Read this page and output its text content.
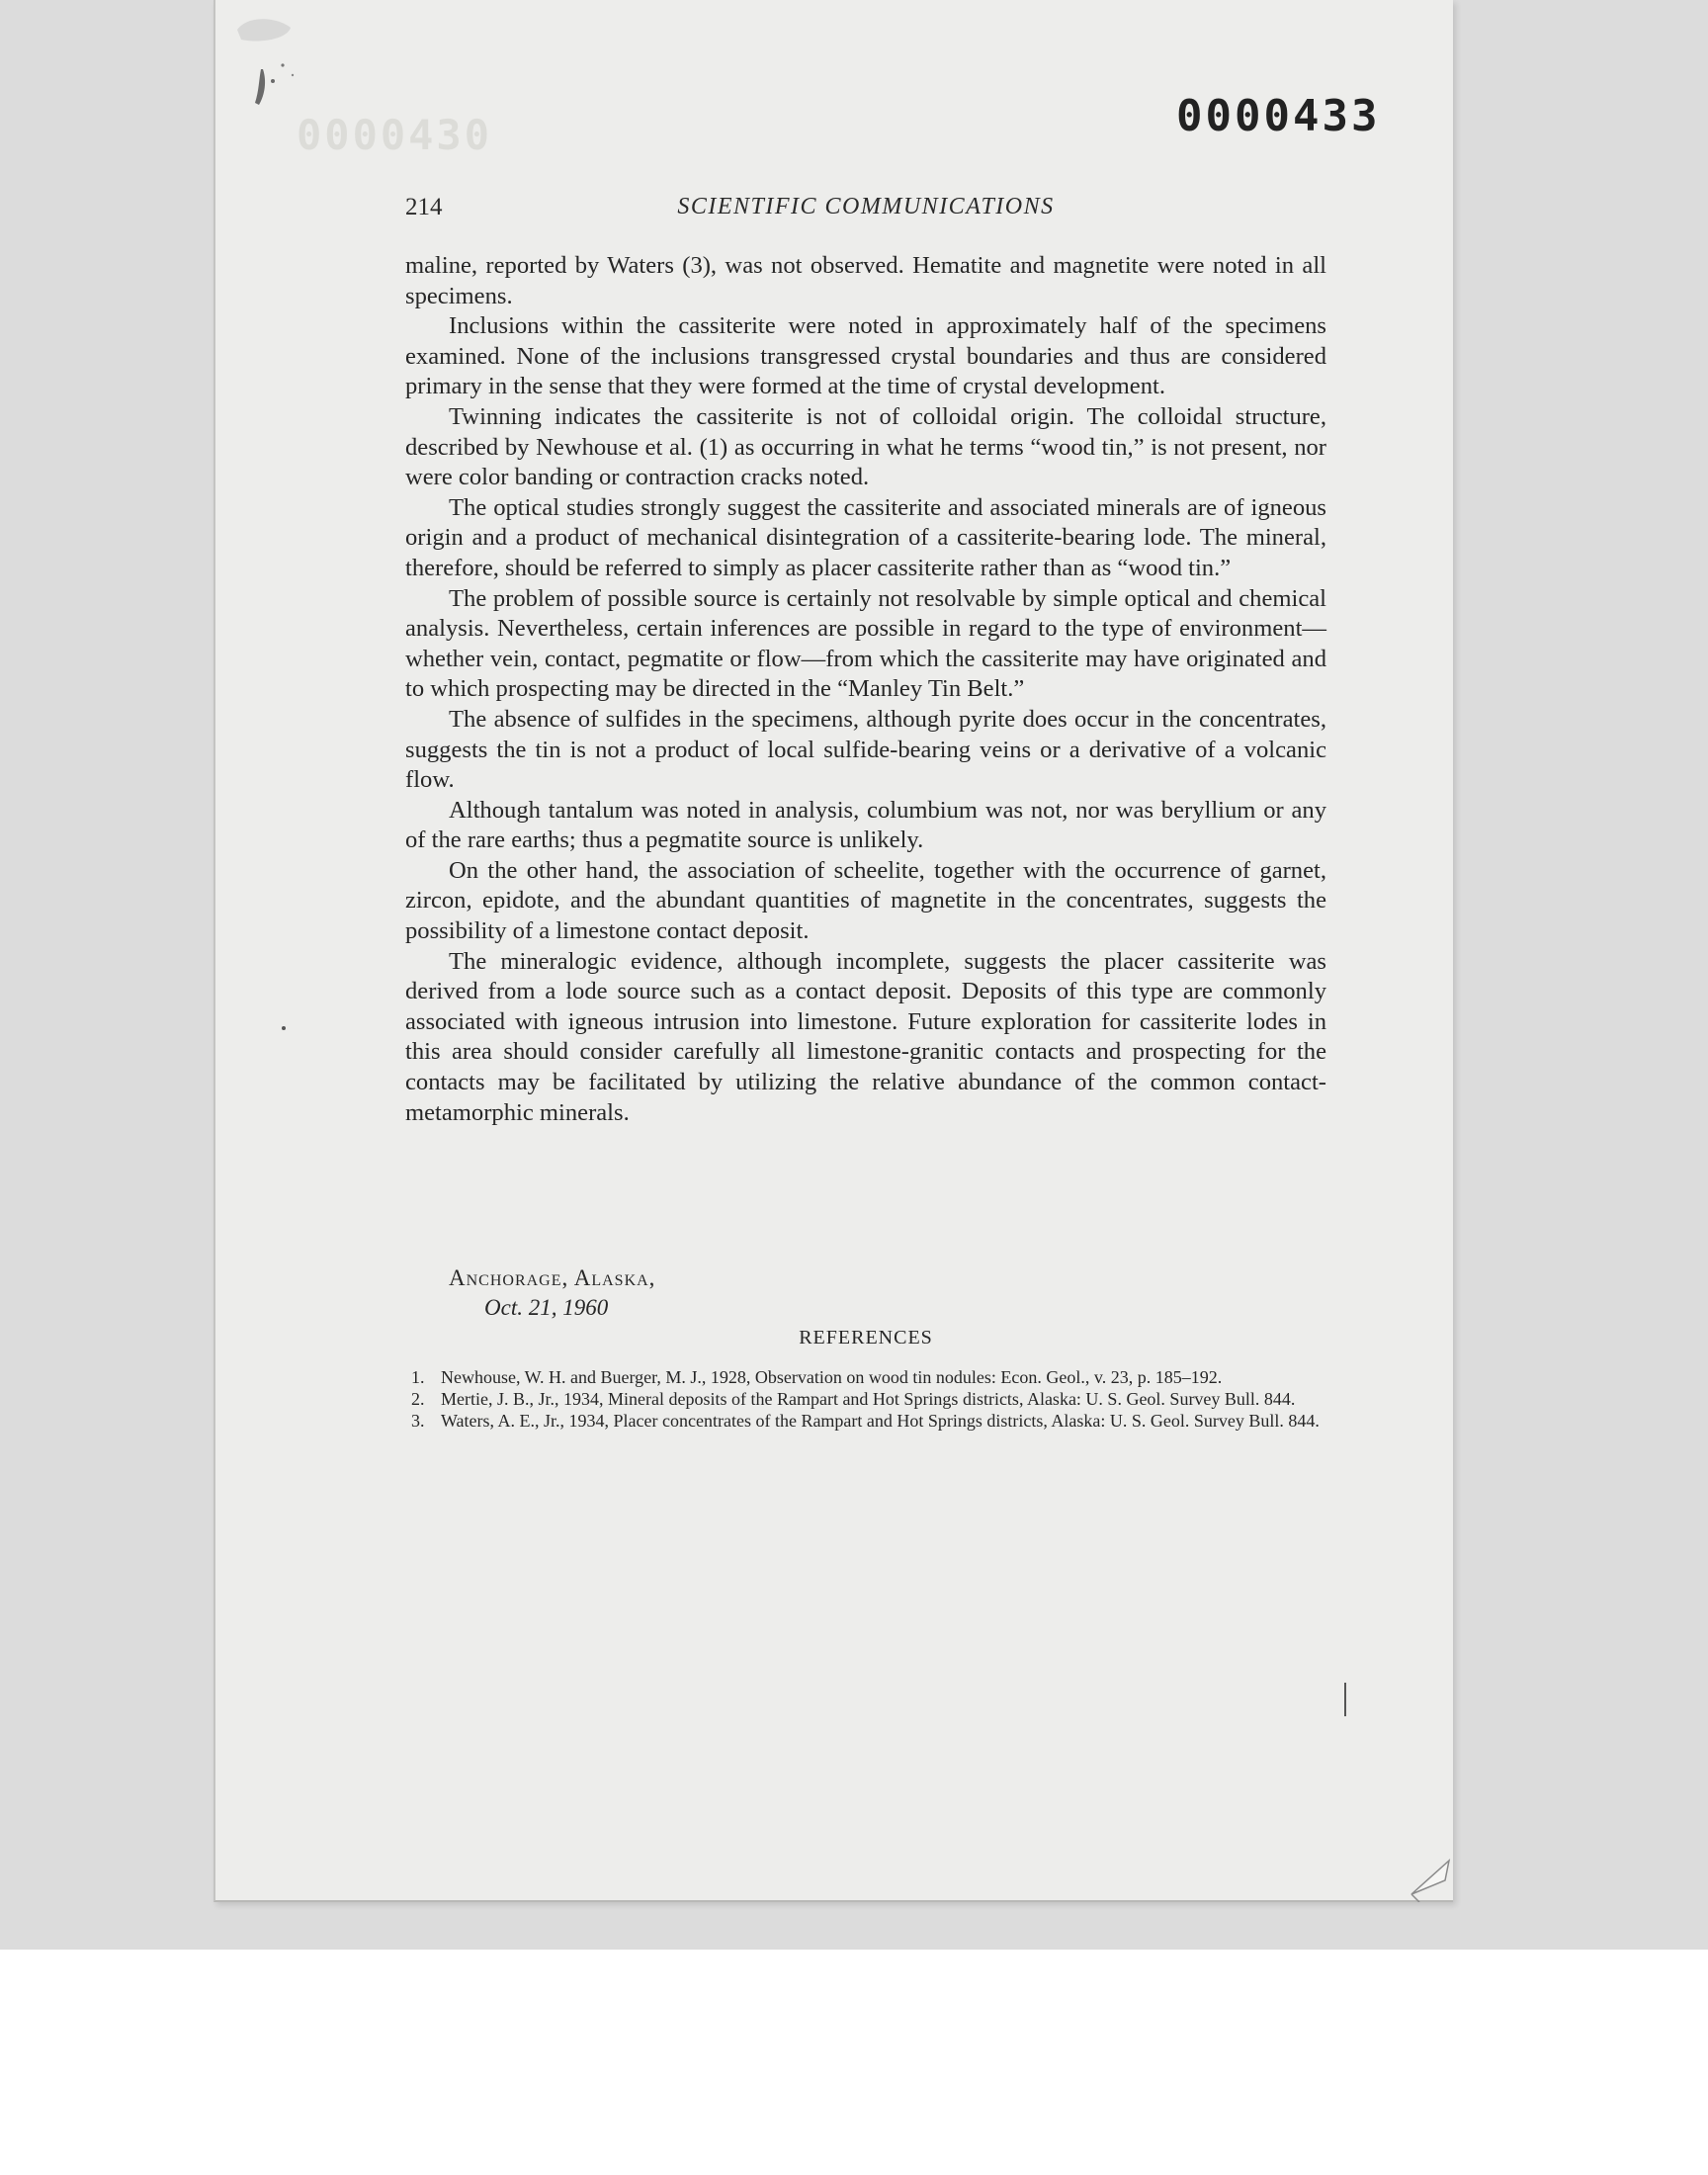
0000430	0000433
214	SCIENTIFIC COMMUNICATIONS

maline, reported by Waters (3), was not observed. Hematite and magnetite were noted in all specimens.

Inclusions within the cassiterite were noted in approximately half of the specimens examined. None of the inclusions transgressed crystal boundaries and thus are considered primary in the sense that they were formed at the time of crystal development.

Twinning indicates the cassiterite is not of colloidal origin. The colloidal structure, described by Newhouse et al. (1) as occurring in what he terms “wood tin,” is not present, nor were color banding or contraction cracks noted.

The optical studies strongly suggest the cassiterite and associated minerals are of igneous origin and a product of mechanical disintegration of a cassiterite-bearing lode. The mineral, therefore, should be referred to simply as placer cassiterite rather than as “wood tin.”

The problem of possible source is certainly not resolvable by simple optical and chemical analysis. Nevertheless, certain inferences are possible in regard to the type of environment—whether vein, contact, pegmatite or flow—from which the cassiterite may have originated and to which prospecting may be directed in the “Manley Tin Belt.”

The absence of sulfides in the specimens, although pyrite does occur in the concentrates, suggests the tin is not a product of local sulfide-bearing veins or a derivative of a volcanic flow.

Although tantalum was noted in analysis, columbium was not, nor was beryllium or any of the rare earths; thus a pegmatite source is unlikely.

On the other hand, the association of scheelite, together with the occurrence of garnet, zircon, epidote, and the abundant quantities of magnetite in the concentrates, suggests the possibility of a limestone contact deposit.

The mineralogic evidence, although incomplete, suggests the placer cassiterite was derived from a lode source such as a contact deposit. Deposits of this type are commonly associated with igneous intrusion into limestone. Future exploration for cassiterite lodes in this area should consider carefully all limestone-granitic contacts and prospecting for the contacts may be facilitated by utilizing the relative abundance of the common contact-metamorphic minerals.

Anchorage, Alaska,
Oct. 21, 1960
REFERENCES
1. Newhouse, W. H. and Buerger, M. J., 1928, Observation on wood tin nodules: Econ. Geol., v. 23, p. 185–192.
2. Mertie, J. B., Jr., 1934, Mineral deposits of the Rampart and Hot Springs districts, Alaska: U. S. Geol. Survey Bull. 844.
3. Waters, A. E., Jr., 1934, Placer concentrates of the Rampart and Hot Springs districts, Alaska: U. S. Geol. Survey Bull. 844.
